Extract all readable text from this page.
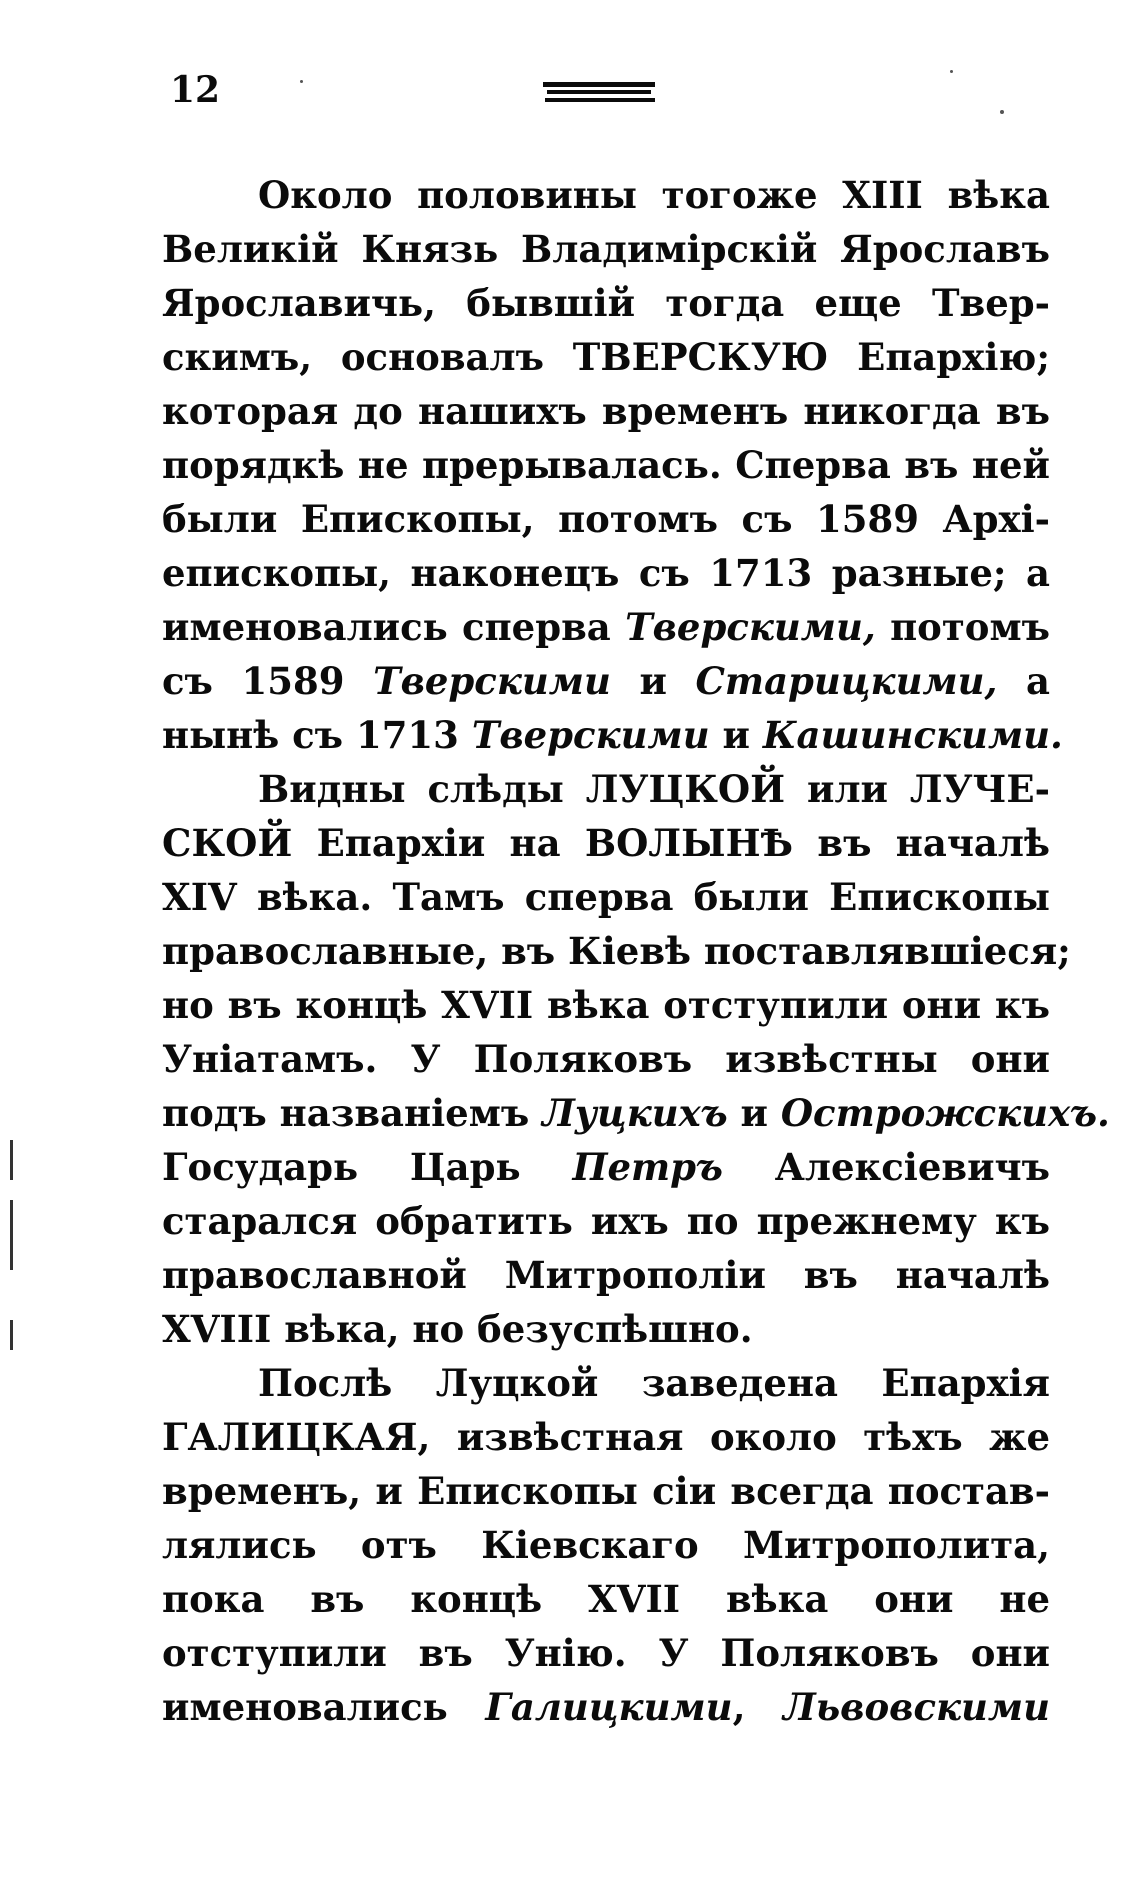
12
Около половины тогоже XIII вѣка
Великій Князь Владимірскій Ярославъ
Ярославичь, бывшій тогда еще Твер-
скимъ, основалъ ТВЕРСКУЮ Епархію;
которая до нашихъ временъ никогда въ
порядкѣ не прерывалась. Сперва въ ней
были Епископы, потомъ съ 1589 Архі-
епископы, наконецъ съ 1713 разные; а
именовались сперва Тверскими, потомъ
съ 1589 Тверскими и Старицкими, а
нынѣ съ 1713 Тверскими и Кашинскими.
Видны слѣды ЛУЦКОЙ или ЛУЧЕ-
СКОЙ Епархіи на ВОЛЫНѢ въ началѣ
XIV вѣка. Тамъ сперва были Епископы
православные, въ Кіевѣ поставлявшіеся;
но въ концѣ XVII вѣка отступили они къ
Уніатамъ. У Поляковъ извѣстны они
подъ названіемъ Луцкихъ и Острожскихъ.
Государь Царь Петръ Алексіевичъ
старался обратить ихъ по прежнему къ
православной Митрополіи въ началѣ
XVIII вѣка, но безуспѣшно.
Послѣ Луцкой заведена Епархія
ГАЛИЦКАЯ, извѣстная около тѣхъ же
временъ, и Епископы сіи всегда постав-
лялись отъ Кіевскаго Митрополита,
пока въ концѣ XVII вѣка они не
отступили въ Унію. У Поляковъ они
именовались Галицкими, Львовскими
